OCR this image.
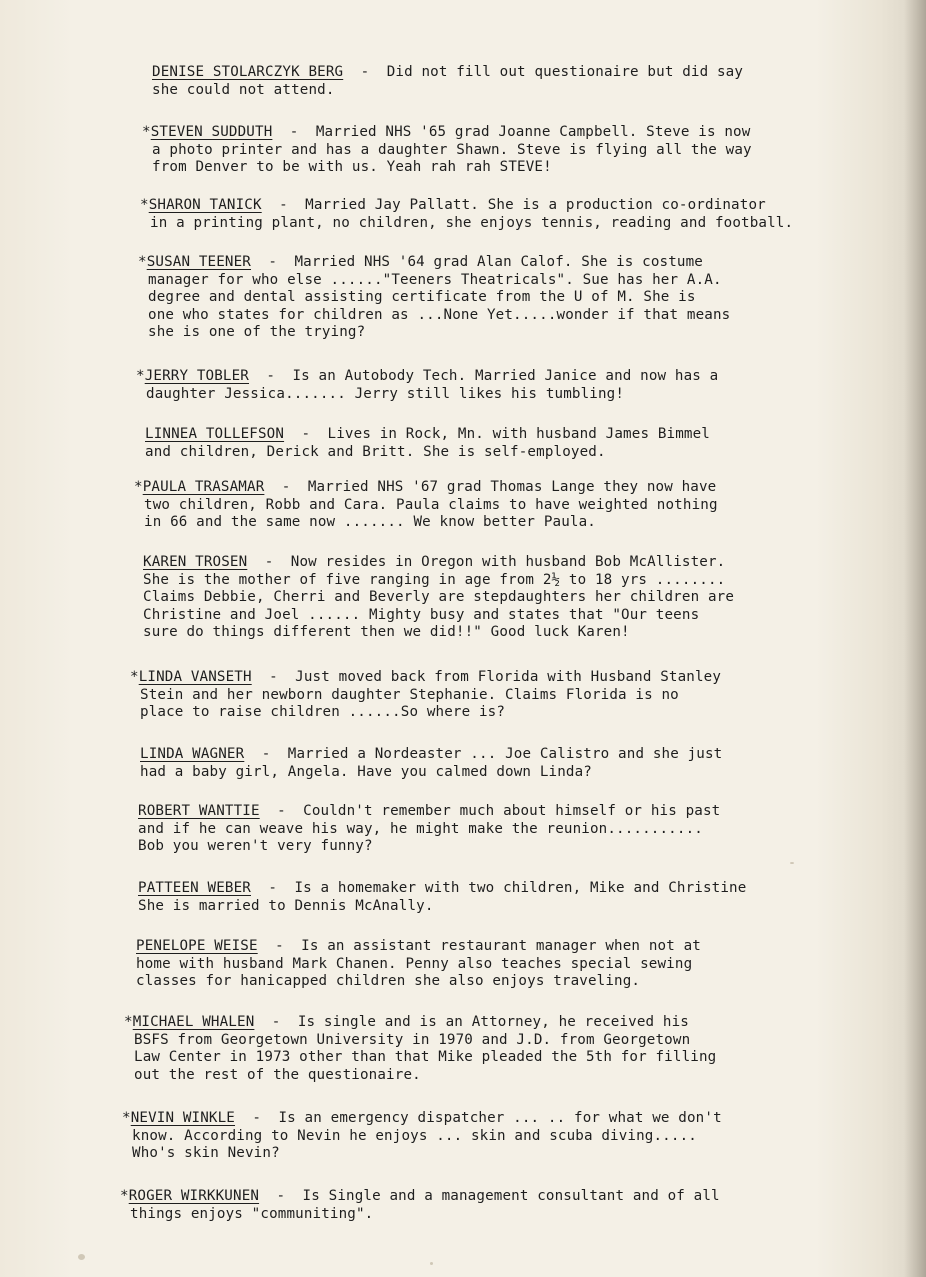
DENISE STOLARCZYK BERG  -  Did not fill out questionaire but did say
she could not attend.
*STEVEN SUDDUTH  -  Married NHS '65 grad Joanne Campbell. Steve is now
a photo printer and has a daughter Shawn. Steve is flying all the way
from Denver to be with us. Yeah rah rah STEVE!
*SHARON TANICK  -  Married Jay Pallatt. She is a production co-ordinator
in a printing plant, no children, she enjoys tennis, reading and football.
*SUSAN TEENER  -  Married NHS '64 grad Alan Calof. She is costume
manager for who else ......"Teeners Theatricals". Sue has her A.A.
degree and dental assisting certificate from the U of M. She is
one who states for children as ...None Yet.....wonder if that means
she is one of the trying?
*JERRY TOBLER  -  Is an Autobody Tech. Married Janice and now has a
daughter Jessica....... Jerry still likes his tumbling!
LINNEA TOLLEFSON  -  Lives in Rock, Mn. with husband James Bimmel
and children, Derick and Britt. She is self-employed.
*PAULA TRASAMAR  -  Married NHS '67 grad Thomas Lange they now have
two children, Robb and Cara. Paula claims to have weighted nothing
in 66 and the same now ....... We know better Paula.
KAREN TROSEN  -  Now resides in Oregon with husband Bob McAllister.
She is the mother of five ranging in age from 2½ to 18 yrs ........
Claims Debbie, Cherri and Beverly are stepdaughters her children are
Christine and Joel ...... Mighty busy and states that "Our teens
sure do things different then we did!!" Good luck Karen!
*LINDA VANSETH  -  Just moved back from Florida with Husband Stanley
Stein and her newborn daughter Stephanie. Claims Florida is no
place to raise children ......So where is?
LINDA WAGNER  -  Married a Nordeaster ... Joe Calistro and she just
had a baby girl, Angela. Have you calmed down Linda?
ROBERT WANTTIE  -  Couldn't remember much about himself or his past
and if he can weave his way, he might make the reunion...........
Bob you weren't very funny?
PATTEEN WEBER  -  Is a homemaker with two children, Mike and Christine
She is married to Dennis McAnally.
PENELOPE WEISE  -  Is an assistant restaurant manager when not at
home with husband Mark Chanen. Penny also teaches special sewing
classes for hanicapped children she also enjoys traveling.
*MICHAEL WHALEN  -  Is single and is an Attorney, he received his
BSFS from Georgetown University in 1970 and J.D. from Georgetown
Law Center in 1973 other than that Mike pleaded the 5th for filling
out the rest of the questionaire.
*NEVIN WINKLE  -  Is an emergency dispatcher ... .. for what we don't
know. According to Nevin he enjoys ... skin and scuba diving.....
Who's skin Nevin?
*ROGER WIRKKUNEN  -  Is Single and a management consultant and of all
things enjoys "communiting".
